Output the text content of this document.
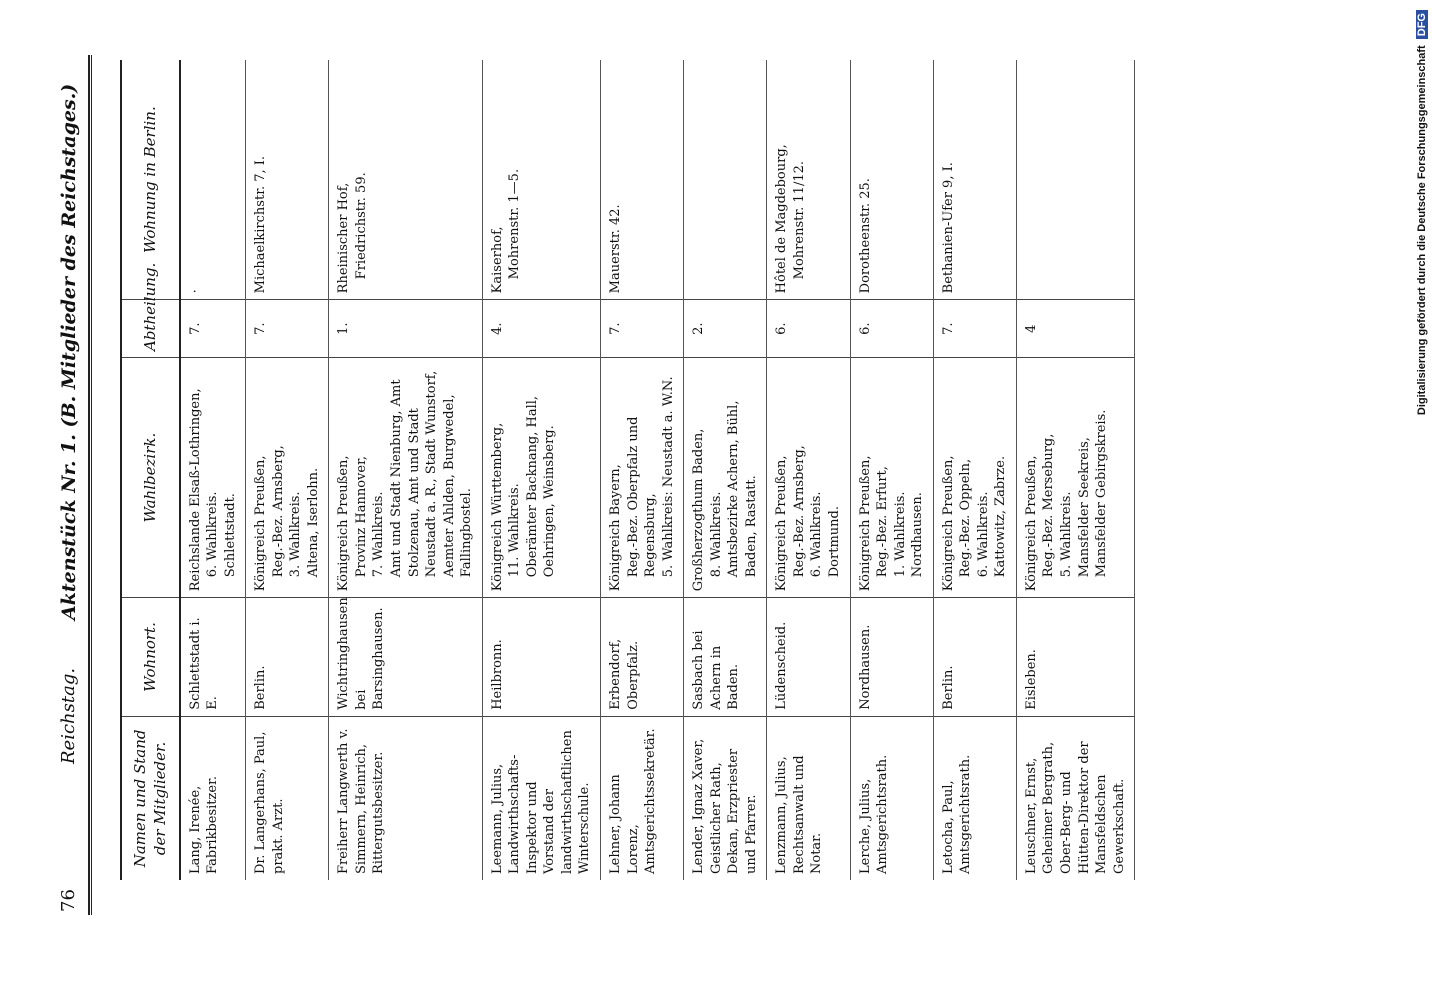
76
Reichstag.
Aktenstück Nr. 1. (B. Mitglieder des Reichstages.)
Namen und Stand der Mitglieder.	Wohnort.	Wahlbezirk.	Abtheilung.	Wohnung in Berlin.
Lang, Irenée, Fabrikbesitzer.	Schlettstadt i. E.	Reichslande Elsaß-Lothringen, 6. Wahlkreis. Schlettstadt.	7.	·

Dr. Langerhans, Paul, prakt. Arzt.	Berlin.	Königreich Preußen, Reg.-Bez. Arnsberg, 3. Wahlkreis. Altena, Iserlohn.	7.	Michaelkirchstr. 7, I.

Freiherr Langwerth v. Simmern, Heinrich, Rittergutsbesitzer.	Wichtringhausen bei Barsinghausen.	Königreich Preußen, Provinz Hannover, 7. Wahlkreis. Amt und Stadt Nienburg, Amt Stolzenau, Amt und Stadt Neustadt a. R., Stadt Wunstorf, Aemter Ahlden, Burgwedel, Fallingbostel.	1.	Rheinischer Hof, Friedrichstr. 59.

Leemann, Julius, Landwirthschafts-Inspektor und Vorstand der landwirthschaftlichen Winterschule.	Heilbronn.	Königreich Württemberg, 11. Wahlkreis. Oberämter Backnang, Hall, Oehringen, Weinsberg.	4.	Kaiserhof, Mohrenstr. 1—5.

Lehner, Johann Lorenz, Amtsgerichtssekretär.	Erbendorf, Oberpfalz.	Königreich Bayern, Reg.-Bez. Oberpfalz und Regensburg, 5. Wahlkreis: Neustadt a. W.N.	7.	Mauerstr. 42.

Lender, Ignaz Xaver, Geistlicher Rath, Dekan, Erzpriester und Pfarrer.	Sasbach bei Achern in Baden.	Großherzogthum Baden, 8. Wahlkreis. Amtsbezirke Achern, Bühl, Baden, Rastatt.	2.	

Lenzmann, Julius, Rechtsanwalt und Notar.	Lüdenscheid.	Königreich Preußen, Reg.-Bez. Arnsberg, 6. Wahlkreis. Dortmund.	6.	Hôtel de Magdebourg, Mohrenstr. 11/12.

Lerche, Julius, Amtsgerichtsrath.	Nordhausen.	Königreich Preußen, Reg.-Bez. Erfurt, 1. Wahlkreis. Nordhausen.	6.	Dorotheenstr. 25.

Letocha, Paul, Amtsgerichtsrath.	Berlin.	Königreich Preußen, Reg.-Bez. Oppeln, 6. Wahlkreis. Kattowitz, Zabrze.	7.	Bethanien-Ufer 9, I.

Leuschner, Ernst, Geheimer Bergrath, Ober-Berg- und Hütten-Direktor der Mansfeldschen Gewerkschaft.	Eisleben.	Königreich Preußen, Reg.-Bez. Merseburg, 5. Wahlkreis. Mansfelder Seekreis, Mansfelder Gebirgskreis.	4		Digitalisierung gefördert durch die Deutsche Forschungsgemeinschaft DFG
